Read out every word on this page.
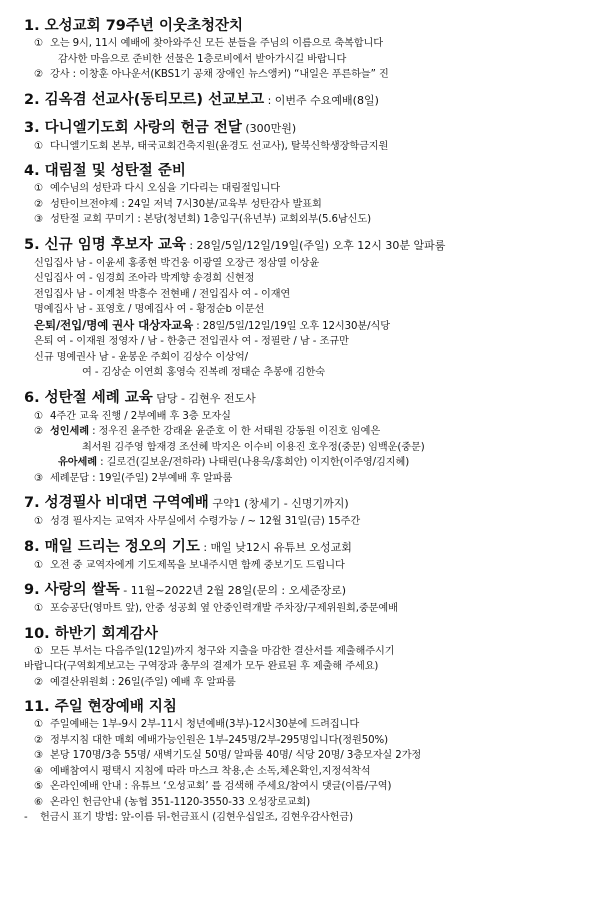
1. 오성교회 79주년 이웃초청잔치
① 오는 9시, 11시 예배에 찾아와주신 모든 분들을 주님의 이름으로 축복합니다
감사한 마음으로 준비한 선물은 1층로비에서 받아가시길 바랍니다
② 강사 : 이창훈 아나운서(KBS1기 공채 장애인 뉴스앵커) “내일은 푸른하늘” 진
2. 김옥겸 선교사(동티모르) 선교보고 : 이번주 수요예배(8일)
3. 다니엘기도회 사랑의 헌금 전달 (300만원)
① 다니엘기도회 본부, 태국교회건축지원(윤경도 선교사), 탈북신학생장학금지원
4. 대림절 및 성탄절 준비
① 예수님의 성탄과 다시 오심을 기다리는 대림절입니다
② 성탄이브전야제 : 24일 저녁 7시30분/교육부 성탄감사 발표회
③ 성탄절 교회 꾸미기 : 본당(청년회) 1층입구(유년부) 교회외부(5.6남신도)
5. 신규 임명 후보자 교육 : 28일/5일/12일/19일(주일) 오후 12시 30분 알파룸
신입집사 남 - 이윤세 홍종현 박건웅 이광열 오장근 정삼열 이상윤
신입집사 여 - 임경희 조아라 박계향 송경희 신현정
전입집사 남 - 이계천 박흥수 전현배 / 전입집사 여 - 이재연
명예집사 남 - 표영호 / 명예집사 여 - 황정순b 이문선
은퇴/전입/명예 권사 대상자교육 : 28일/5일/12일/19일 오후 12시30분/식당
은퇴 여 - 이재원 정영자 / 남 - 한충근 전입권사 여 - 정필란 / 남 - 조규만
신규 명예권사 남 - 윤봉운 주희이 김상수 이상억/
여 - 김상순 이연희 홍영숙 진복례 정태순 추봉애 김한숙
6. 성탄절 세례 교육 담당 - 김현우 전도사
① 4주간 교육 진행 / 2부예배 후 3층 모자실
② 성인세례 : 정우진 윤주한 강래윤 윤준호 이 한 서태원 강동원 이진호 임예은
최서원 김주영 함재경 조선혜 박지은 이수비 이용진 호우정(중문) 임백운(중문)
유아세례 : 길로건(길보운/전하라) 나태린(나용욱/홍희안) 이지한(이주영/김지혜)
③ 세례문답 : 19일(주일) 2부예배 후 알파룸
7. 성경필사 비대면 구역예배 구약1 (창세기 - 신명기까지)
① 성경 필사지는 교역자 사무실에서 수령가능 / ~ 12월 31일(금) 15주간
8. 매일 드리는 정오의 기도 : 매일 낮12시 유튜브 오성교회
① 오전 중 교역자에게 기도제목을 보내주시면 함께 중보기도 드립니다
9. 사랑의 쌀독 - 11월~2022년 2월 28일(문의 : 오세준장로)
① 포승공단(영마트 앞), 안중 성공회 옆 안중인력개발 주차장/구제위원회,중문예배
10. 하반기 회계감사
① 모든 부서는 다음주일(12일)까지 청구와 지출을 마감한 결산서를 제출해주시기
바랍니다(구역회계보고는 구역장과 총무의 결제가 모두 완료된 후 제출해 주세요)
② 예결산위원회 : 26일(주일) 예배 후 알파룸
11. 주일 현장예배 지침
① 주일예배는 1부-9시 2부-11시 청년예배(3부)-12시30분에 드려집니다
② 정부지침 대한 매회 예배가능인원은 1부-245명/2부-295명입니다(정원50%)
③ 본당 170명/3층 55명/ 새벽기도실 50명/ 알파룸 40명/ 식당 20명/ 3층모자실 2가정
④ 예배참여시 평택시 지침에 따라 마스크 착용,손 소독,체온확인,지정석착석
⑤ 온라인예배 안내 : 유튜브 ‘오성교회’ 를 검색해 주세요/참여시 댓글(이름/구역)
⑥ 온라인 헌금안내 (농협 351-1120-3550-33 오성장로교회)
- 헌금시 표기 방법: 앞-이름 뒤-헌금표시 (김현우십일조, 김현우감사헌금)
